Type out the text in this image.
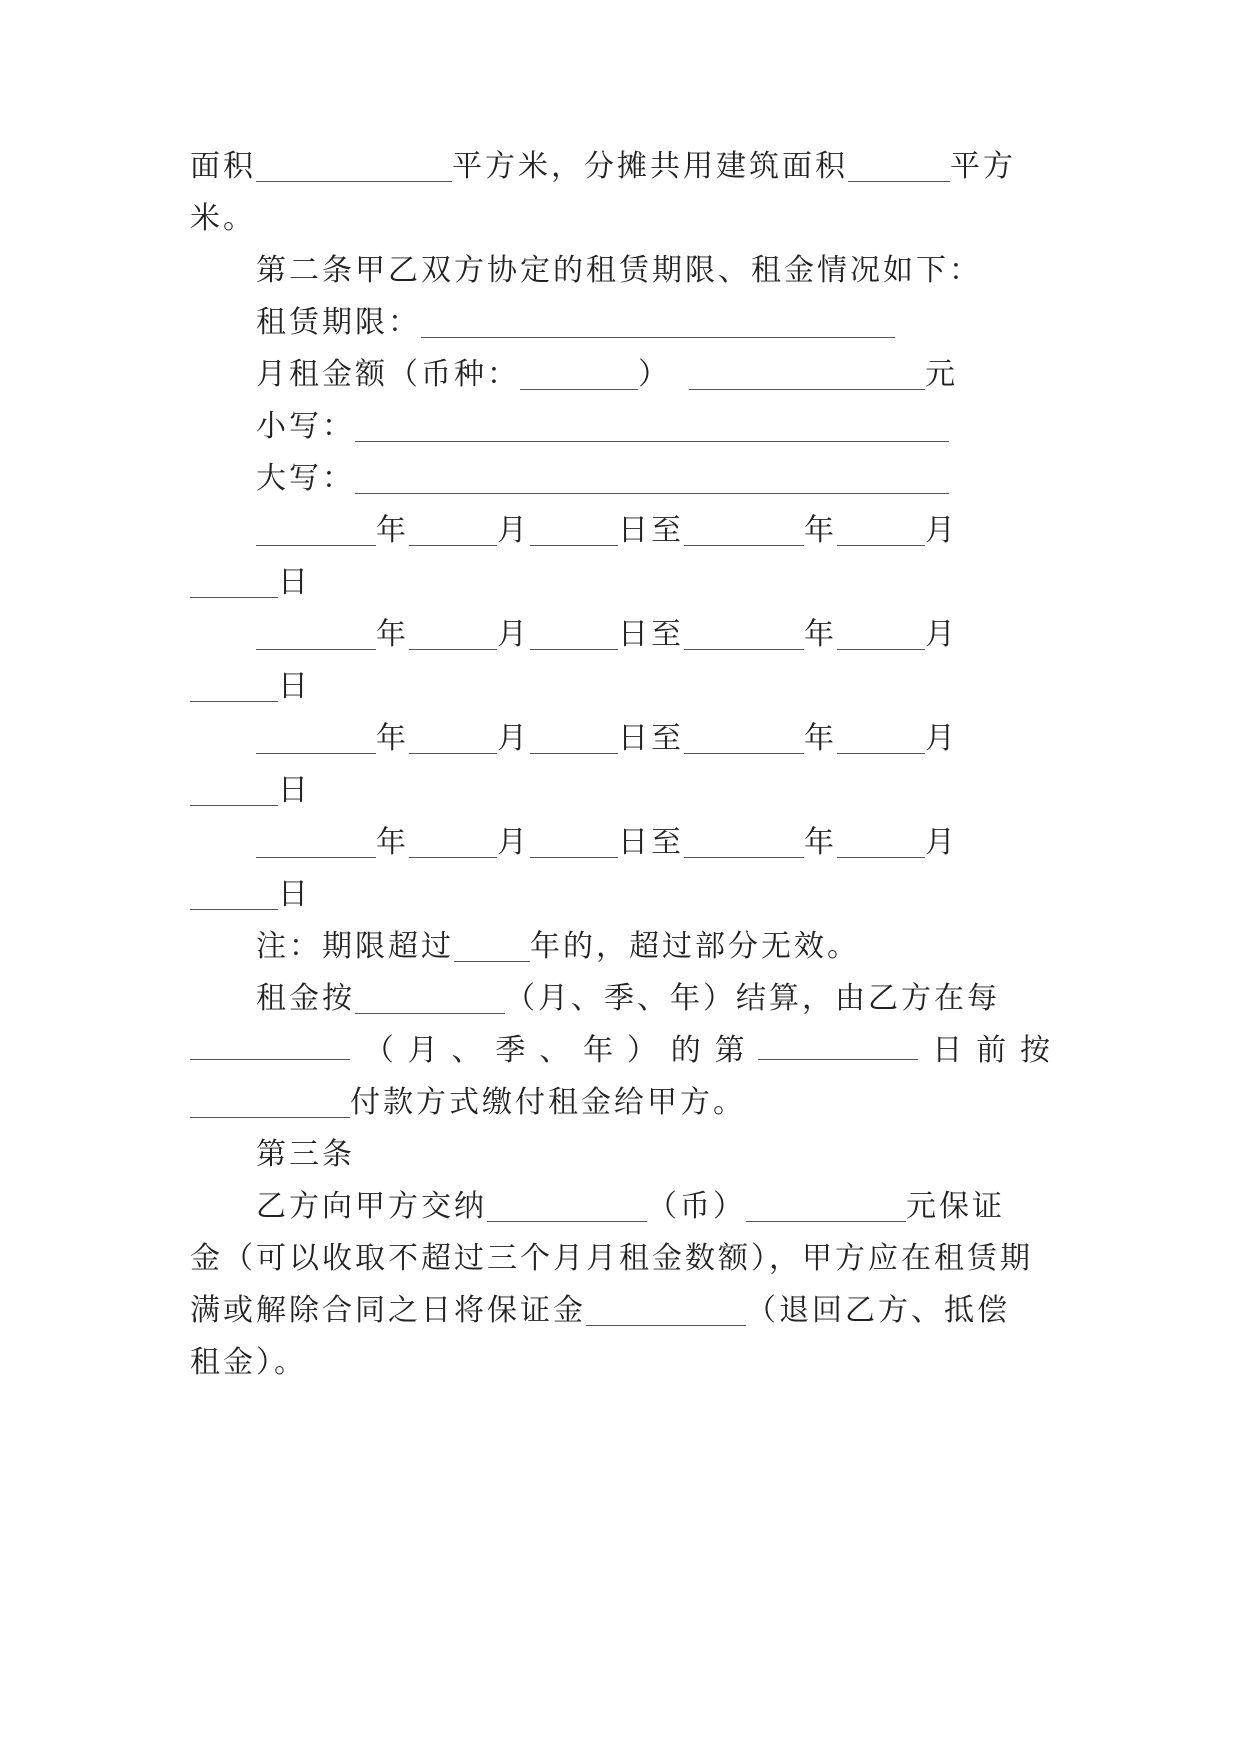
面积	平方米，分摊共用建筑面积	平方
米。
第二条甲乙双方协定的租赁期限、租金情况如下：
租赁期限：
月租金额（币种：	）	元
小写：
大写：
年	月	日至	年	月
日
年	月	日至	年	月
日
年	月	日至	年	月
日
年	月	日至	年	月
日
注：期限超过	年的，超过部分无效。
租金按	（月、季、年）结算，由乙方在每
（ 月 、 季 、 年 ） 的 第	日 前 按
付款方式缴付租金给甲方。
第三条
乙方向甲方交纳	（币）	元保证
金（可以收取不超过三个月月租金数额），甲方应在租赁期
满或解除合同之日将保证金	（退回乙方、抵偿
租金）。
